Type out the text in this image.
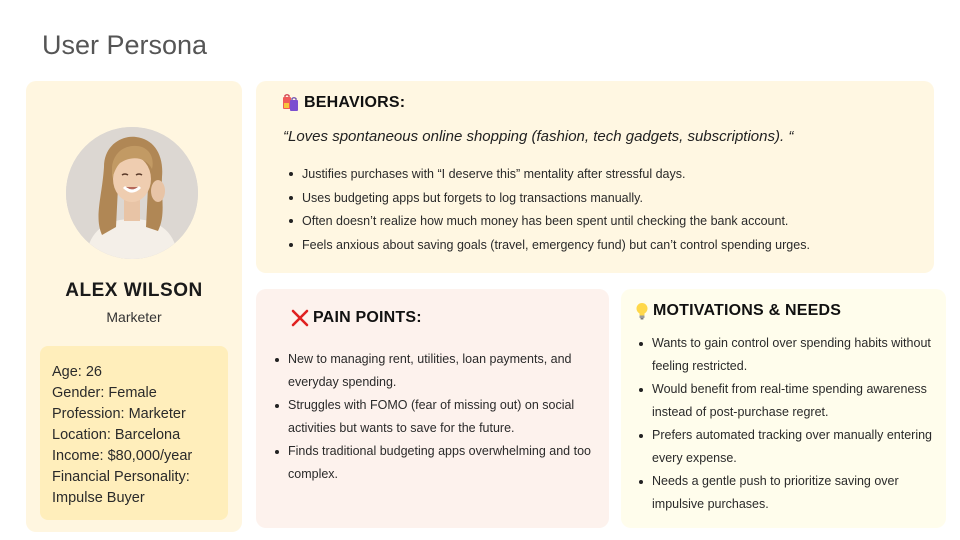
User Persona
ALEX WILSON
Marketer
Age: 26
Gender: Female
Profession: Marketer
Location: Barcelona
Income: $80,000/year
Financial Personality:
Impulse Buyer
BEHAVIORS:
“Loves spontaneous online shopping (fashion, tech gadgets, subscriptions). “
Justifies purchases with “I deserve this” mentality after stressful days.
Uses budgeting apps but forgets to log transactions manually.
Often doesn’t realize how much money has been spent until checking the bank account.
Feels anxious about saving goals (travel, emergency fund) but can’t control spending urges.
PAIN POINTS:
New to managing rent, utilities, loan payments, and everyday spending.
Struggles with FOMO (fear of missing out) on social activities but wants to save for the future.
Finds traditional budgeting apps overwhelming and too complex.
MOTIVATIONS & NEEDS
Wants to gain control over spending habits without feeling restricted.
Would benefit from real-time spending awareness instead of post-purchase regret.
Prefers automated tracking over manually entering every expense.
Needs a gentle push to prioritize saving over impulsive purchases.
